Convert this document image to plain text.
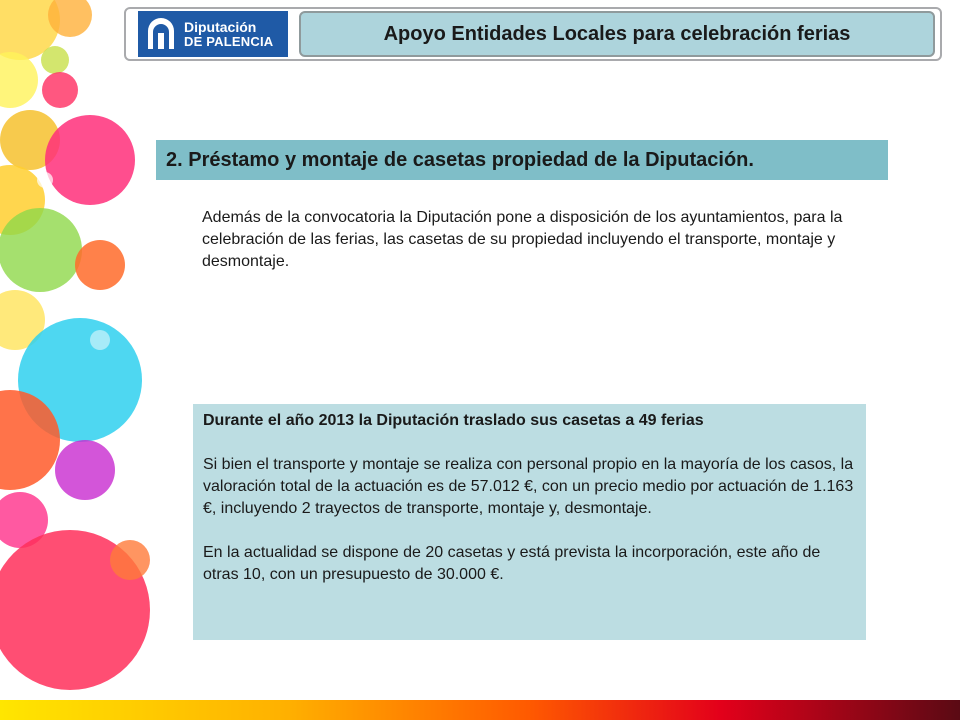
Diputación
DE PALENCIA	Apoyo Entidades Locales para celebración ferias
2. Préstamo y montaje de casetas propiedad de la Diputación.

Además de la convocatoria la Diputación pone a disposición de los ayuntamientos, para la celebración de las ferias, las casetas de su propiedad incluyendo el transporte, montaje y desmontaje.

Durante el año 2013 la Diputación traslado sus casetas a 49 ferias

Si bien el transporte y montaje se realiza con personal propio en la mayoría de los casos, la valoración total de la actuación es de 57.012 €, con un precio medio por actuación de 1.163 €, incluyendo 2 trayectos de transporte, montaje y, desmontaje.

En la actualidad se dispone de 20 casetas y está prevista la incorporación, este año de otras 10, con un presupuesto de 30.000 €.
